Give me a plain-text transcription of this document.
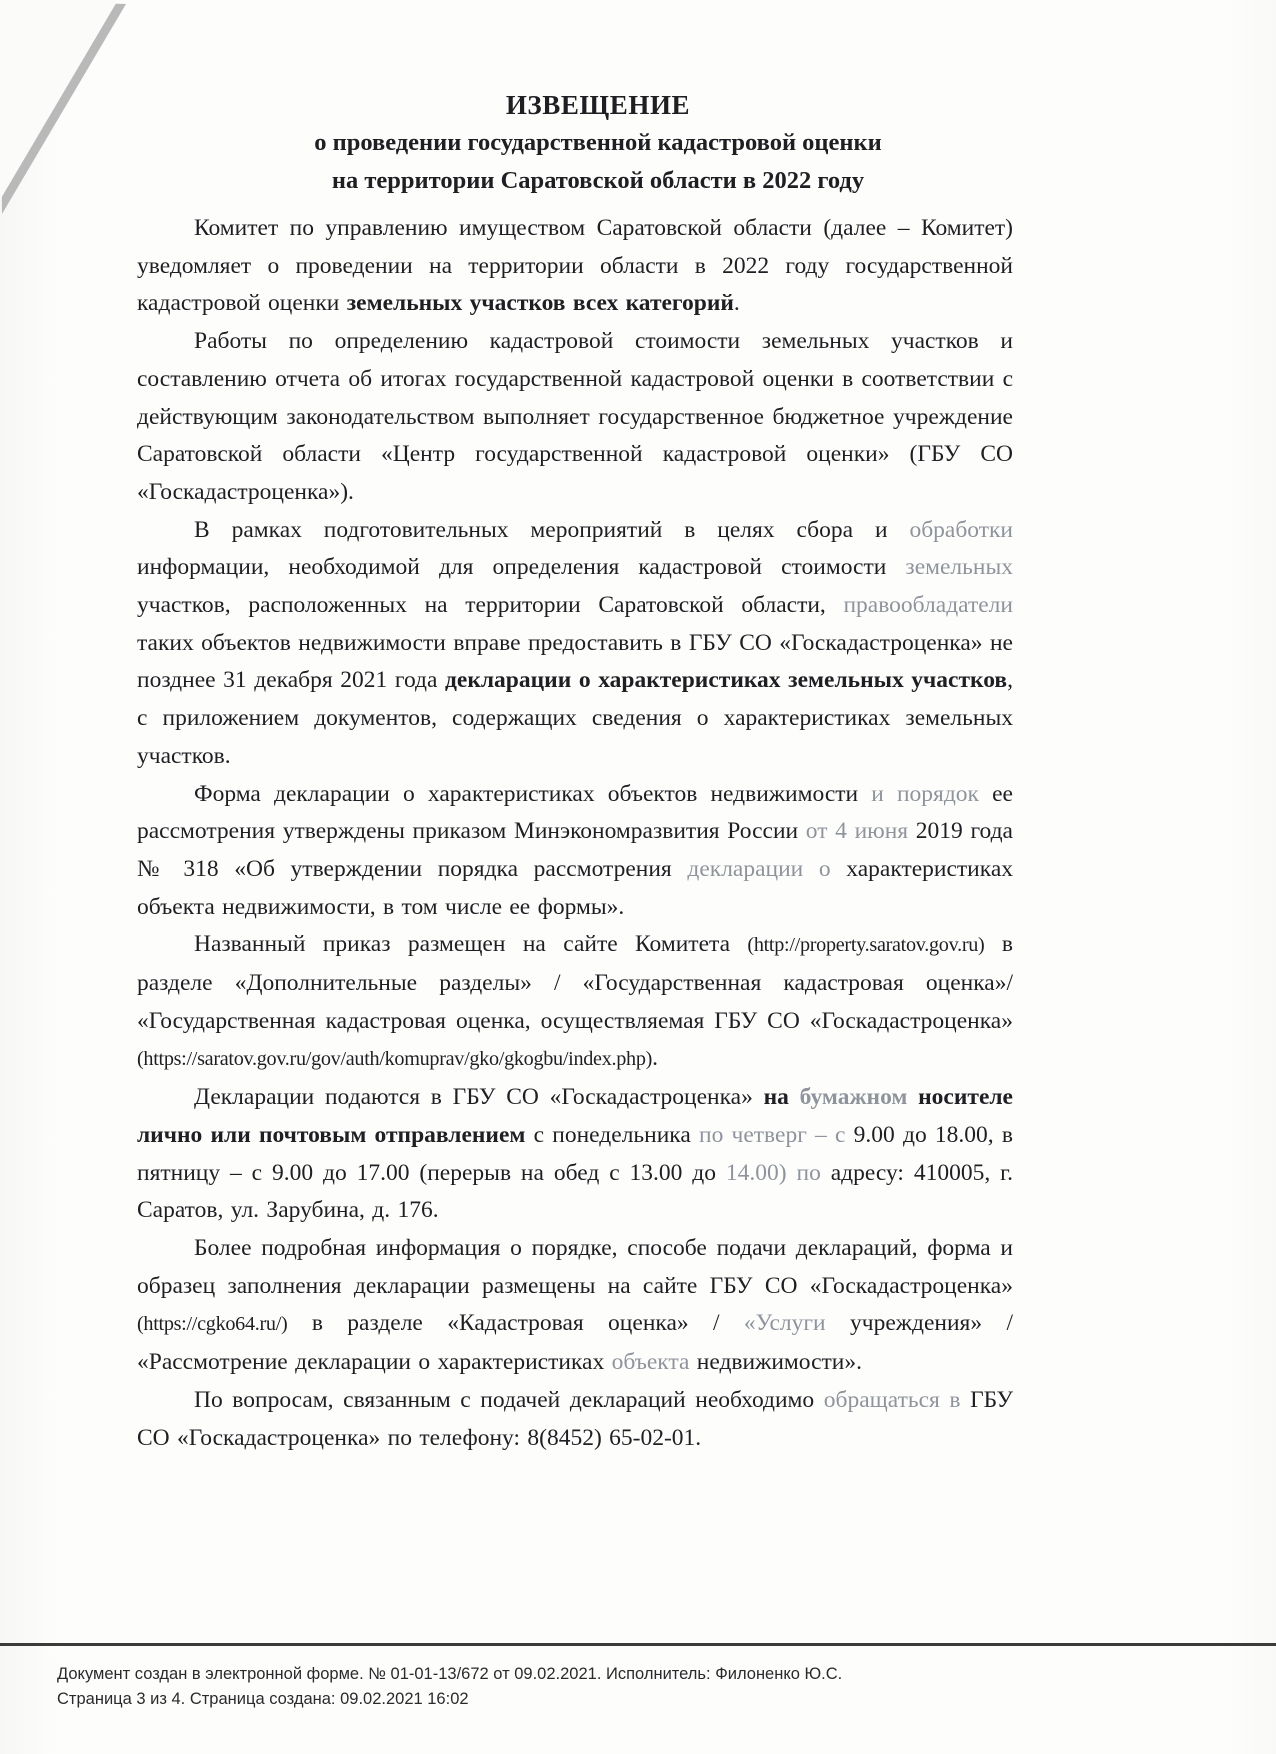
ИЗВЕЩЕНИЕ
о проведении государственной кадастровой оценки
на территории Саратовской области в 2022 году

Комитет по управлению имуществом Саратовской области (далее – Комитет) уведомляет о проведении на территории области в 2022 году государственной кадастровой оценки земельных участков всех категорий.

Работы по определению кадастровой стоимости земельных участков и составлению отчета об итогах государственной кадастровой оценки в соответствии с действующим законодательством выполняет государственное бюджетное учреждение Саратовской области «Центр государственной кадастровой оценки» (ГБУ СО «Госкадастроценка»).

В рамках подготовительных мероприятий в целях сбора и обработки информации, необходимой для определения кадастровой стоимости земельных участков, расположенных на территории Саратовской области, правообладатели таких объектов недвижимости вправе предоставить в ГБУ СО «Госкадастроценка» не позднее 31 декабря 2021 года декларации о характеристиках земельных участков, с приложением документов, содержащих сведения о характеристиках земельных участков.

Форма декларации о характеристиках объектов недвижимости и порядок ее рассмотрения утверждены приказом Минэкономразвития России от 4 июня 2019 года № 318 «Об утверждении порядка рассмотрения декларации о характеристиках объекта недвижимости, в том числе ее формы».

Названный приказ размещен на сайте Комитета (http://property.saratov.gov.ru) в разделе «Дополнительные разделы» / «Государственная кадастровая оценка»/ «Государственная кадастровая оценка, осуществляемая ГБУ СО «Госкадастроценка» (https://saratov.gov.ru/gov/auth/komuprav/gko/gkogbu/index.php).

Декларации подаются в ГБУ СО «Госкадастроценка» на бумажном носителе лично или почтовым отправлением с понедельника по четверг – с 9.00 до 18.00, в пятницу – с 9.00 до 17.00 (перерыв на обед с 13.00 до 14.00) по адресу: 410005, г. Саратов, ул. Зарубина, д. 176.

Более подробная информация о порядке, способе подачи деклараций, форма и образец заполнения декларации размещены на сайте ГБУ СО «Госкадастроценка» (https://cgko64.ru/) в разделе «Кадастровая оценка» / «Услуги учреждения» / «Рассмотрение декларации о характеристиках объекта недвижимости».

По вопросам, связанным с подачей деклараций необходимо обращаться в ГБУ СО «Госкадастроценка» по телефону: 8(8452) 65-02-01.

Документ создан в электронной форме. № 01-01-13/672 от 09.02.2021. Исполнитель: Филоненко Ю.С.
Страница 3 из 4. Страница создана: 09.02.2021 16:02
